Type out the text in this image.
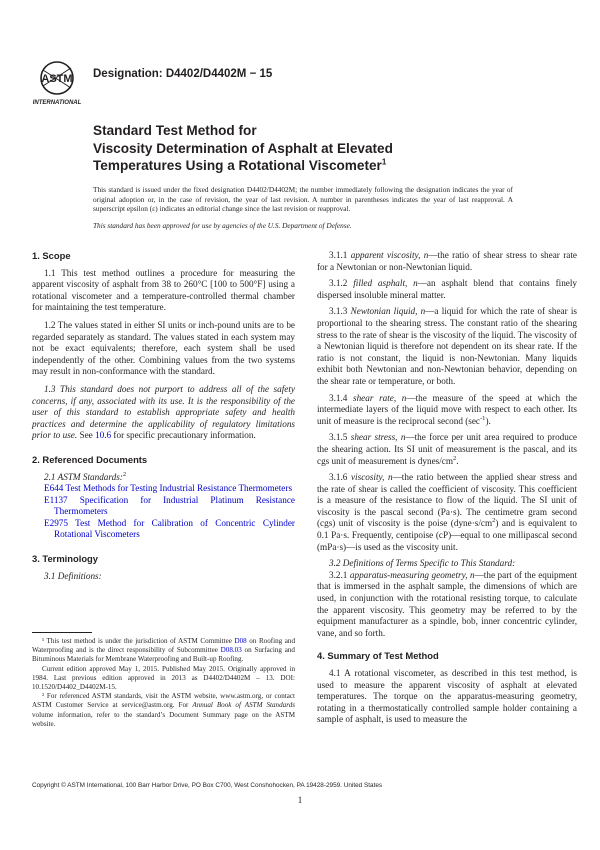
ASTM
INTERNATIONAL
Designation: D4402/D4402M − 15
Standard Test Method for
Viscosity Determination of Asphalt at Elevated
Temperatures Using a Rotational Viscometer$^1$
This standard is issued under the fixed designation D4402/D4402M; the number immediately following the designation indicates the year of original adoption or, in the case of revision, the year of last revision. A number in parentheses indicates the year of last reapproval. A superscript epsilon (ε) indicates an editorial change since the last revision or reapproval.
This standard has been approved for use by agencies of the U.S. Department of Defense.
1. Scope

1.1 This test method outlines a procedure for measuring the apparent viscosity of asphalt from 38 to 260°C [100 to 500°F] using a rotational viscometer and a temperature-controlled thermal chamber for maintaining the test temperature.

1.2 The values stated in either SI units or inch-pound units are to be regarded separately as standard. The values stated in each system may not be exact equivalents; therefore, each system shall be used independently of the other. Combining values from the two systems may result in non-conformance with the standard.

1.3 This standard does not purport to address all of the safety concerns, if any, associated with its use. It is the responsibility of the user of this standard to establish appropriate safety and health practices and determine the applicability of regulatory limitations prior to use. See 10.6 for specific precautionary information.

2. Referenced Documents

2.1 ASTM Standards:$^2$

E644 Test Methods for Testing Industrial Resistance Thermometers

E1137 Specification for Industrial Platinum Resistance Thermometers

E2975 Test Method for Calibration of Concentric Cylinder Rotational Viscometers

3. Terminology

3.1 Definitions:

3.1.1 apparent viscosity, n—the ratio of shear stress to shear rate for a Newtonian or non-Newtonian liquid.

3.1.2 filled asphalt, n—an asphalt blend that contains finely dispersed insoluble mineral matter.

3.1.3 Newtonian liquid, n—a liquid for which the rate of shear is proportional to the shearing stress. The constant ratio of the shearing stress to the rate of shear is the viscosity of the liquid. The viscosity of a Newtonian liquid is therefore not dependent on its shear rate. If the ratio is not constant, the liquid is non-Newtonian. Many liquids exhibit both Newtonian and non-Newtonian behavior, depending on the shear rate or temperature, or both.

3.1.4 shear rate, n—the measure of the speed at which the intermediate layers of the liquid move with respect to each other. Its unit of measure is the reciprocal second $(\sec^{-1})$.

3.1.5 shear stress, n—the force per unit area required to produce the shearing action. Its SI unit of measurement is the pascal, and its cgs unit of measurement is dynes/$cm^2$.

3.1.6 viscosity, n—the ratio between the applied shear stress and the rate of shear is called the coefficient of viscosity. This coefficient is a measure of the resistance to flow of the liquid. The SI unit of viscosity is the pascal second (Pa·s). The centimetre gram second (cgs) unit of viscosity is the poise $(dyne\cdot s/cm^2)$ and is equivalent to 0.1 Pa·s. Frequently, centipoise (cP)—equal to one millipascal second (mPa·s)—is used as the viscosity unit.

3.2 Definitions of Terms Specific to This Standard:

3.2.1 apparatus-measuring geometry, n—the part of the equipment that is immersed in the asphalt sample, the dimensions of which are used, in conjunction with the rotational resisting torque, to calculate the apparent viscosity. This geometry may be referred to by the equipment manufacturer as a spindle, bob, inner concentric cylinder, vane, and so forth.

4. Summary of Test Method

4.1 A rotational viscometer, as described in this test method, is used to measure the apparent viscosity of asphalt at elevated temperatures. The torque on the apparatus-measuring geometry, rotating in a thermostatically controlled sample holder containing a sample of asphalt, is used to measure the

¹ This test method is under the jurisdiction of ASTM Committee D08 on Roofing and Waterproofing and is the direct responsibility of Subcommittee D08.03 on Surfacing and Bituminous Materials for Membrane Waterproofing and Built-up Roofing.

Current edition approved May 1, 2015. Published May 2015. Originally approved in 1984. Last previous edition approved in 2013 as D4402/D4402M – 13. DOI: 10.1520/D4402_D4402M-15.

² For referenced ASTM standards, visit the ASTM website, www.astm.org, or contact ASTM Customer Service at service@astm.org. For Annual Book of ASTM Standards volume information, refer to the standard’s Document Summary page on the ASTM website.

Copyright © ASTM International, 100 Barr Harbor Drive, PO Box C700, West Conshohocken, PA 19428-2959. United States
1
